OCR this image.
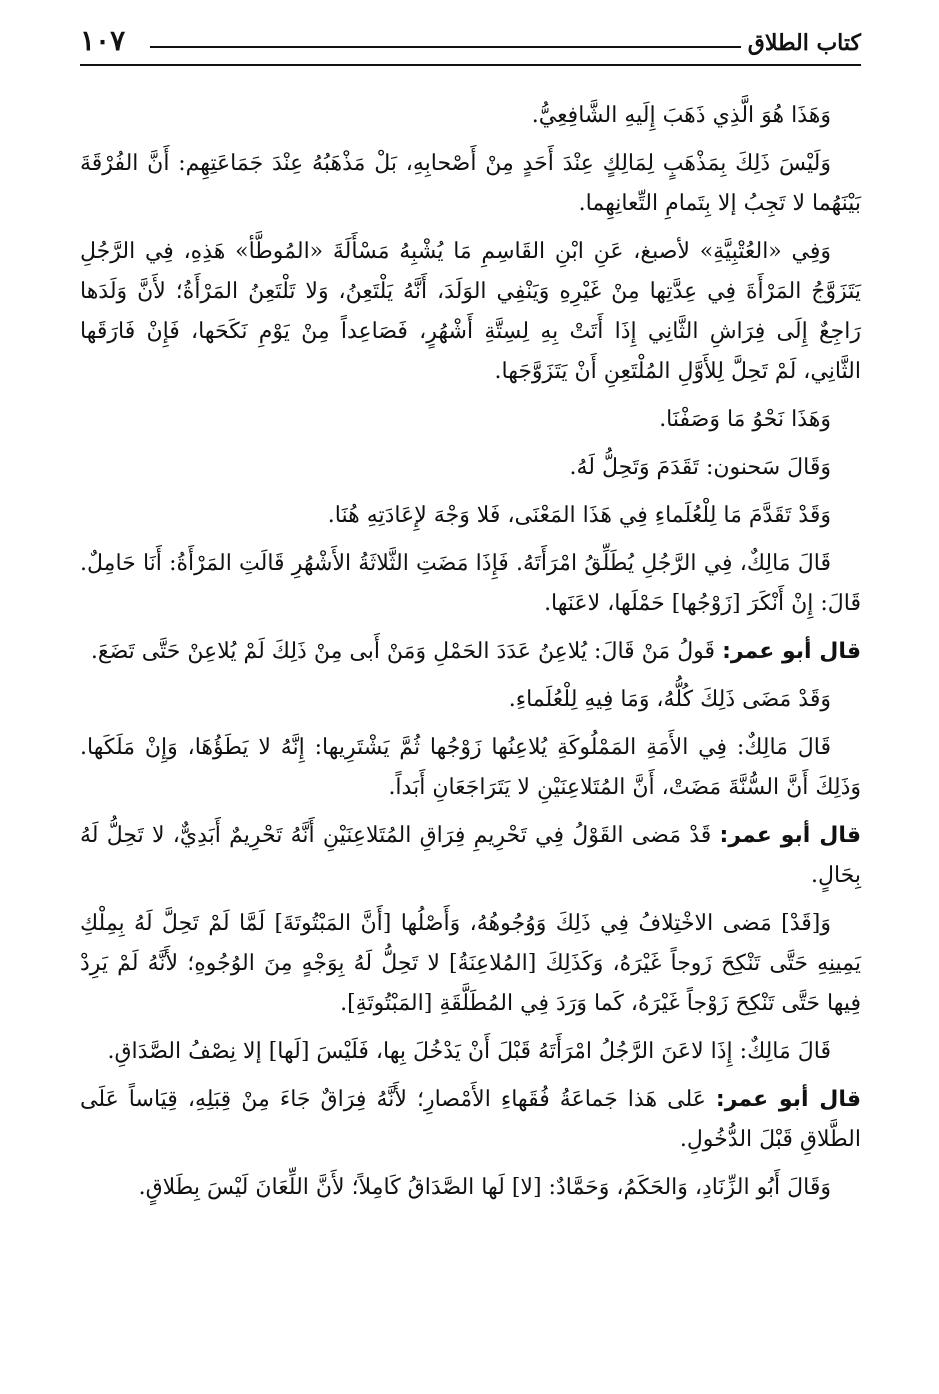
كتاب الطلاق
١٠٧

وَهَذَا هُوَ الَّذِي ذَهَبَ إِلَيهِ الشَّافِعِيُّ.

وَلَيْسَ ذَلِكَ بِمَذْهَبٍ لِمَالِكٍ عِنْدَ أَحَدٍ مِنْ أَصْحابِهِ، بَلْ مَذْهَبُهُ عِنْدَ جَمَاعَتِهِم: أَنَّ الفُرْقَةَ بَيْنَهُما لا تَجِبُ إلا بِتَمامِ التِّعانِهِما.

وَفِي «العُتْبِيَّةِ» لأصبغ، عَنِ ابْنِ القَاسِمِ مَا يُشْبِهُ مَسْأَلَةَ «المُوطَّأ» هَذِهِ، فِي الرَّجُلِ يَتَزَوَّجُ المَرْأَةَ فِي عِدَّتِها مِنْ غَيْرِهِ وَيَنْفِي الوَلَدَ، أَنَّهُ يَلْتَعِنُ، وَلا تَلْتَعِنُ المَرْأَةُ؛ لأَنَّ وَلَدَها رَاجِعٌ إِلَى فِرَاشِ الثَّانِي إِذَا أَتَتْ بِهِ لِسِتَّةِ أَشْهُرٍ، فَصَاعِداً مِنْ يَوْمِ نَكَحَها، فَإِنْ فَارَقَها الثَّانِي، لَمْ تَحِلَّ لِلأَوَّلِ المُلْتَعِنِ أَنْ يَتَزَوَّجَها.

وَهَذَا نَحْوُ مَا وَصَفْنَا.

وَقَالَ سَحنون: تَقَدَمَ وَتَحِلُّ لَهُ.

وَقَدْ تَقَدَّمَ مَا لِلْعُلَماءِ فِي هَذَا المَعْنَى، فَلا وَجْهَ لإِعَادَتِهِ هُنَا.

قَالَ مَالِكٌ، فِي الرَّجُلِ يُطَلِّقُ امْرَأَتَهُ. فَإِذَا مَضَتِ الثَّلاثَةُ الأَشْهُرِ قَالَتِ المَرْأَةُ: أَنَا حَامِلٌ. قَالَ: إِنْ أَنْكَرَ [زَوْجُها] حَمْلَها، لاعَنَها.

قال أبو عمر: قَولُ مَنْ قَالَ: يُلاعِنُ عَدَدَ الحَمْلِ وَمَنْ أَبى مِنْ ذَلِكَ لَمْ يُلاعِنْ حَتَّى تَضَعَ.

وَقَدْ مَضَى ذَلِكَ كُلُّهُ، وَمَا فِيهِ لِلْعُلَماءِ.

قَالَ مَالِكٌ: فِي الأَمَةِ المَمْلُوكَةِ يُلاعِنُها زَوْجُها ثُمَّ يَشْتَرِيها: إِنَّهُ لا يَطَؤُهَا، وَإِنْ مَلَكَها. وَذَلِكَ أَنَّ السُّنَّةَ مَضَتْ، أَنَّ المُتَلاعِنَيْنِ لا يَتَرَاجَعَانِ أَبَداً.

قال أبو عمر: قَدْ مَضى القَوْلُ فِي تَحْرِيمِ فِرَاقِ المُتَلاعِنَيْنِ أَنَّهُ تَحْرِيمٌ أَبَدِيٌّ، لا تَحِلُّ لَهُ بِحَالٍ.

وَ[قَدْ] مَضى الاخْتِلافُ فِي ذَلِكَ وَوُجُوهُهُ، وَأَصْلُها [أَنَّ المَبْتُوتَةَ] لَمَّا لَمْ تَحِلَّ لَهُ بِمِلْكِ يَمِينِهِ حَتَّى تَنْكِحَ زَوجاً غَيْرَهُ، وَكَذَلِكَ [المُلاعِنَةُ] لا تَحِلُّ لَهُ بِوَجْهٍ مِنَ الوُجُوهِ؛ لأَنَّهُ لَمْ يَرِدْ فِيها حَتَّى تَنْكِحَ زَوْجاً غَيْرَهُ، كَما وَرَدَ فِي المُطَلَّقَةِ [المَبْتُوتَةِ].

قَالَ مَالِكٌ: إِذَا لاعَنَ الرَّجُلُ امْرَأَتَهُ قَبْلَ أَنْ يَدْخُلَ بِها، فَلَيْسَ [لَها] إلا نِصْفُ الصَّدَاقِ.

قال أبو عمر: عَلى هَذا جَماعَةُ فُقَهاءِ الأَمْصارِ؛ لأَنَّهُ فِرَاقٌ جَاءَ مِنْ قِبَلِهِ، قِيَاساً عَلَى الطَّلاقِ قَبْلَ الدُّخُولِ.

وَقَالَ أَبُو الزِّنَادِ، وَالحَكَمُ، وَحَمَّادٌ: [لا] لَها الصَّدَاقُ كَامِلاً؛ لأَنَّ اللِّعَانَ لَيْسَ بِطَلاقٍ.
